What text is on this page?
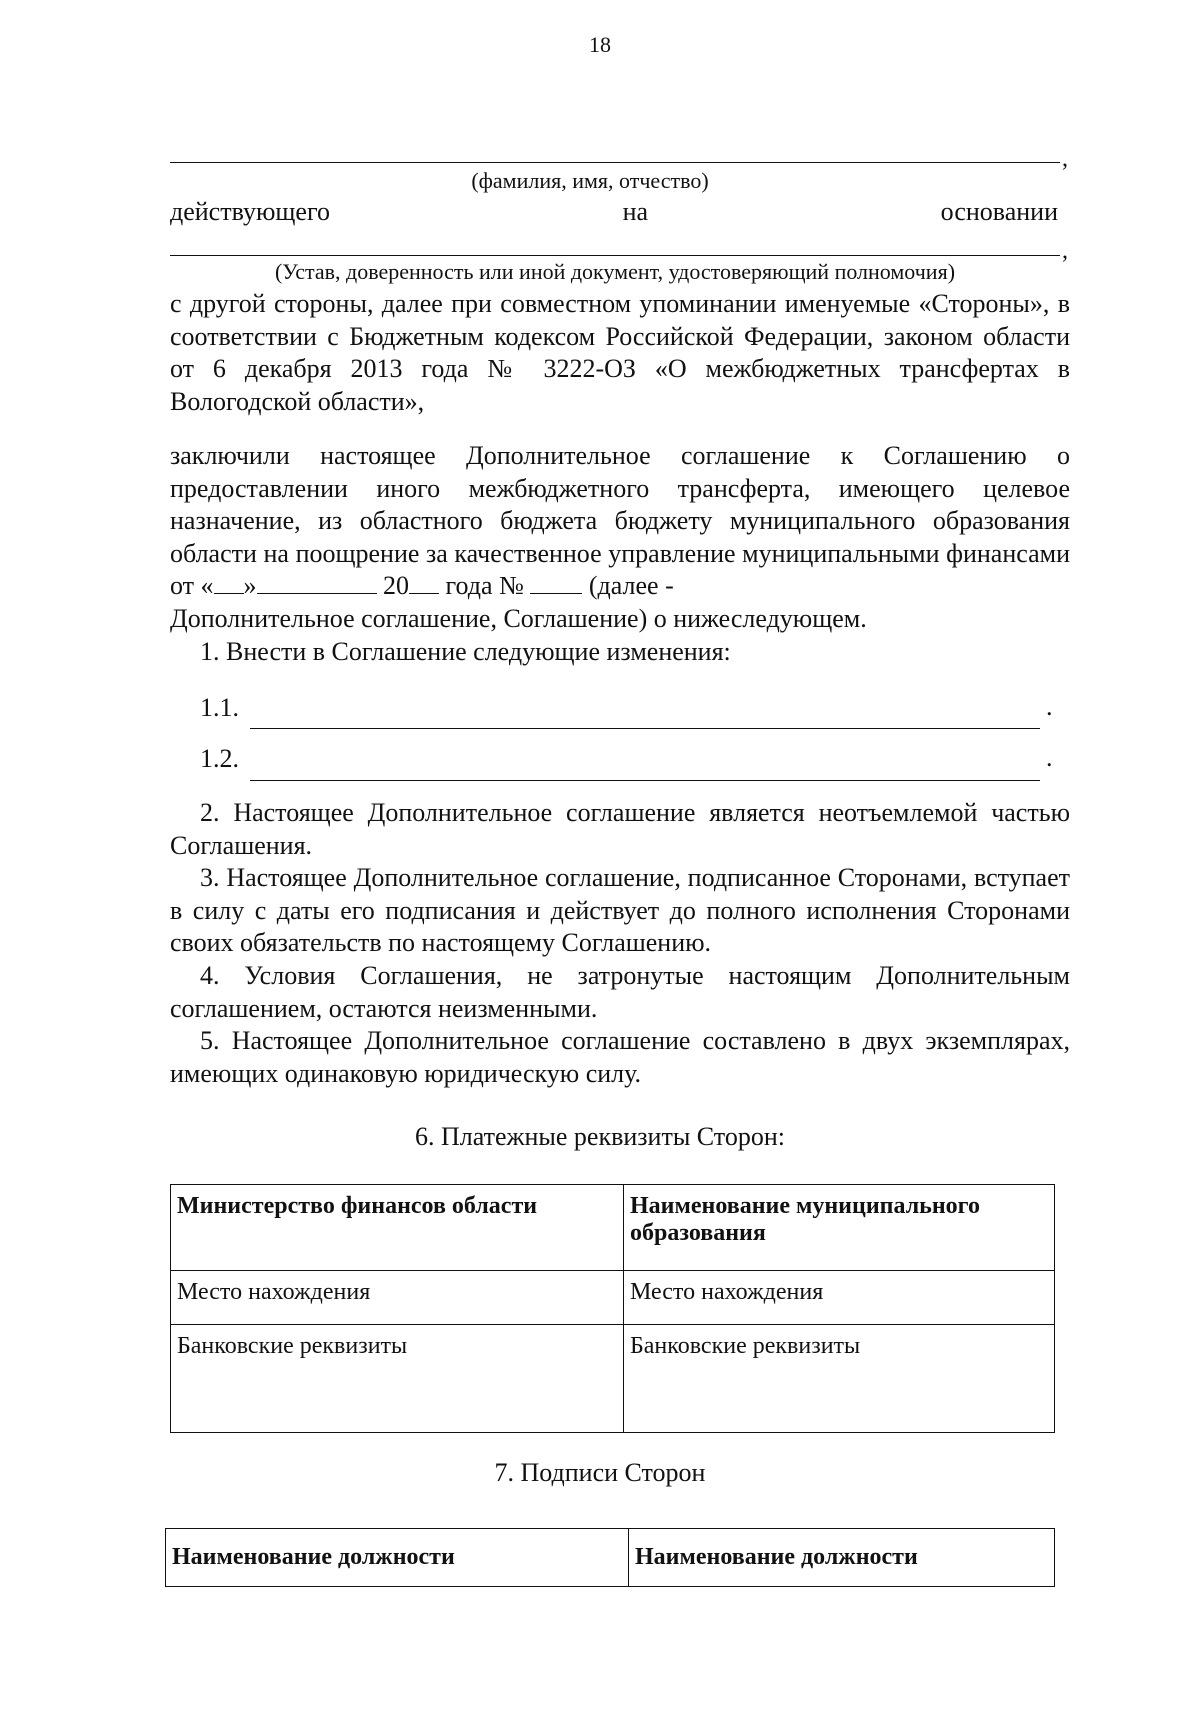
18
,
(фамилия, имя, отчество)
действующего	на	основании
,
(Устав, доверенность или иной документ, удостоверяющий полномочия)
с другой стороны, далее при совместном упоминании именуемые «Стороны», в соответствии с Бюджетным кодексом Российской Федерации, законом области от 6 декабря 2013 года № 3222-ОЗ «О межбюджетных трансфертах в Вологодской области»,
заключили настоящее Дополнительное соглашение к Соглашению о предоставлении иного межбюджетного трансферта, имеющего целевое назначение, из областного бюджета бюджету муниципального образования области на поощрение за качественное управление муниципальными финансами от « »	20 года №	(далее -
Дополнительное соглашение, Соглашение) о нижеследующем.
1. Внести в Соглашение следующие изменения:
1.1.	.
1.2.	.
2. Настоящее Дополнительное соглашение является неотъемлемой частью Соглашения.
3. Настоящее Дополнительное соглашение, подписанное Сторонами, вступает в силу с даты его подписания и действует до полного исполнения Сторонами своих обязательств по настоящему Соглашению.
4. Условия Соглашения, не затронутые настоящим Дополнительным соглашением, остаются неизменными.
5. Настоящее Дополнительное соглашение составлено в двух экземплярах, имеющих одинаковую юридическую силу.
6. Платежные реквизиты Сторон:
Министерство финансов области	Наименование муниципального образования
Место нахождения	Место нахождения
Банковские реквизиты	Банковские реквизиты
7. Подписи Сторон
Наименование должности	Наименование должности
